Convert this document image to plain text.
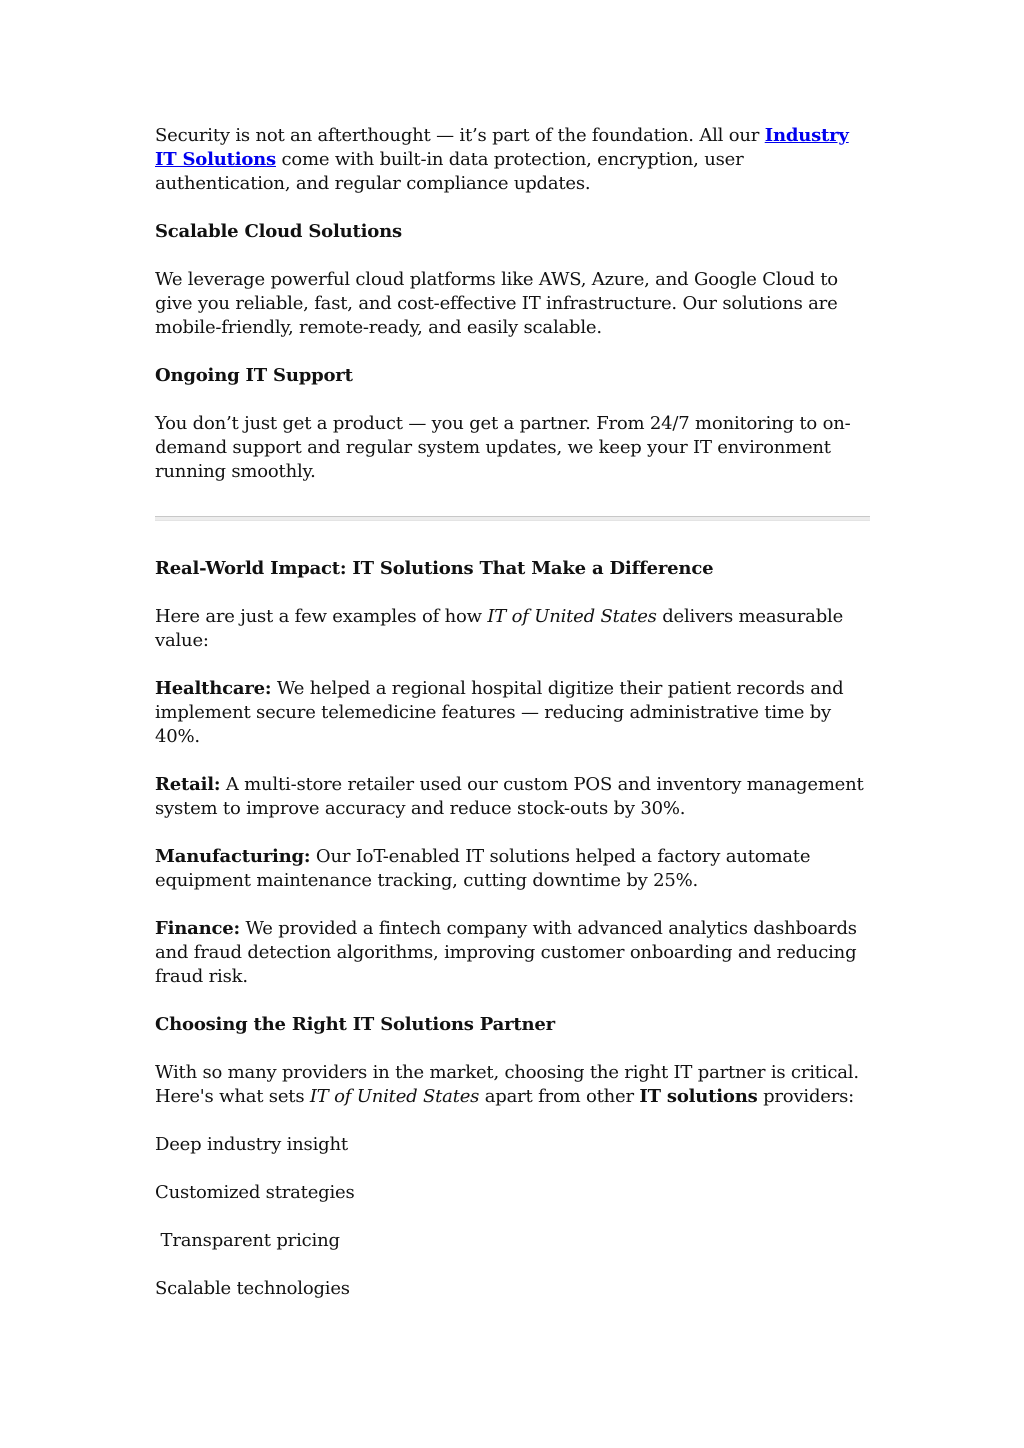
Security is not an afterthought — it’s part of the foundation. All our Industry IT Solutions come with built-in data protection, encryption, user authentication, and regular compliance updates.

Scalable Cloud Solutions

We leverage powerful cloud platforms like AWS, Azure, and Google Cloud to give you reliable, fast, and cost-effective IT infrastructure. Our solutions are mobile-friendly, remote-ready, and easily scalable.

Ongoing IT Support

You don’t just get a product — you get a partner. From 24/7 monitoring to on-demand support and regular system updates, we keep your IT environment running smoothly.

Real-World Impact: IT Solutions That Make a Difference

Here are just a few examples of how IT of United States delivers measurable value:

Healthcare: We helped a regional hospital digitize their patient records and implement secure telemedicine features — reducing administrative time by 40%.

Retail: A multi-store retailer used our custom POS and inventory management system to improve accuracy and reduce stock-outs by 30%.

Manufacturing: Our IoT-enabled IT solutions helped a factory automate equipment maintenance tracking, cutting downtime by 25%.

Finance: We provided a fintech company with advanced analytics dashboards and fraud detection algorithms, improving customer onboarding and reducing fraud risk.

Choosing the Right IT Solutions Partner

With so many providers in the market, choosing the right IT partner is critical. Here's what sets IT of United States apart from other IT solutions providers:

Deep industry insight

Customized strategies

Transparent pricing

Scalable technologies
